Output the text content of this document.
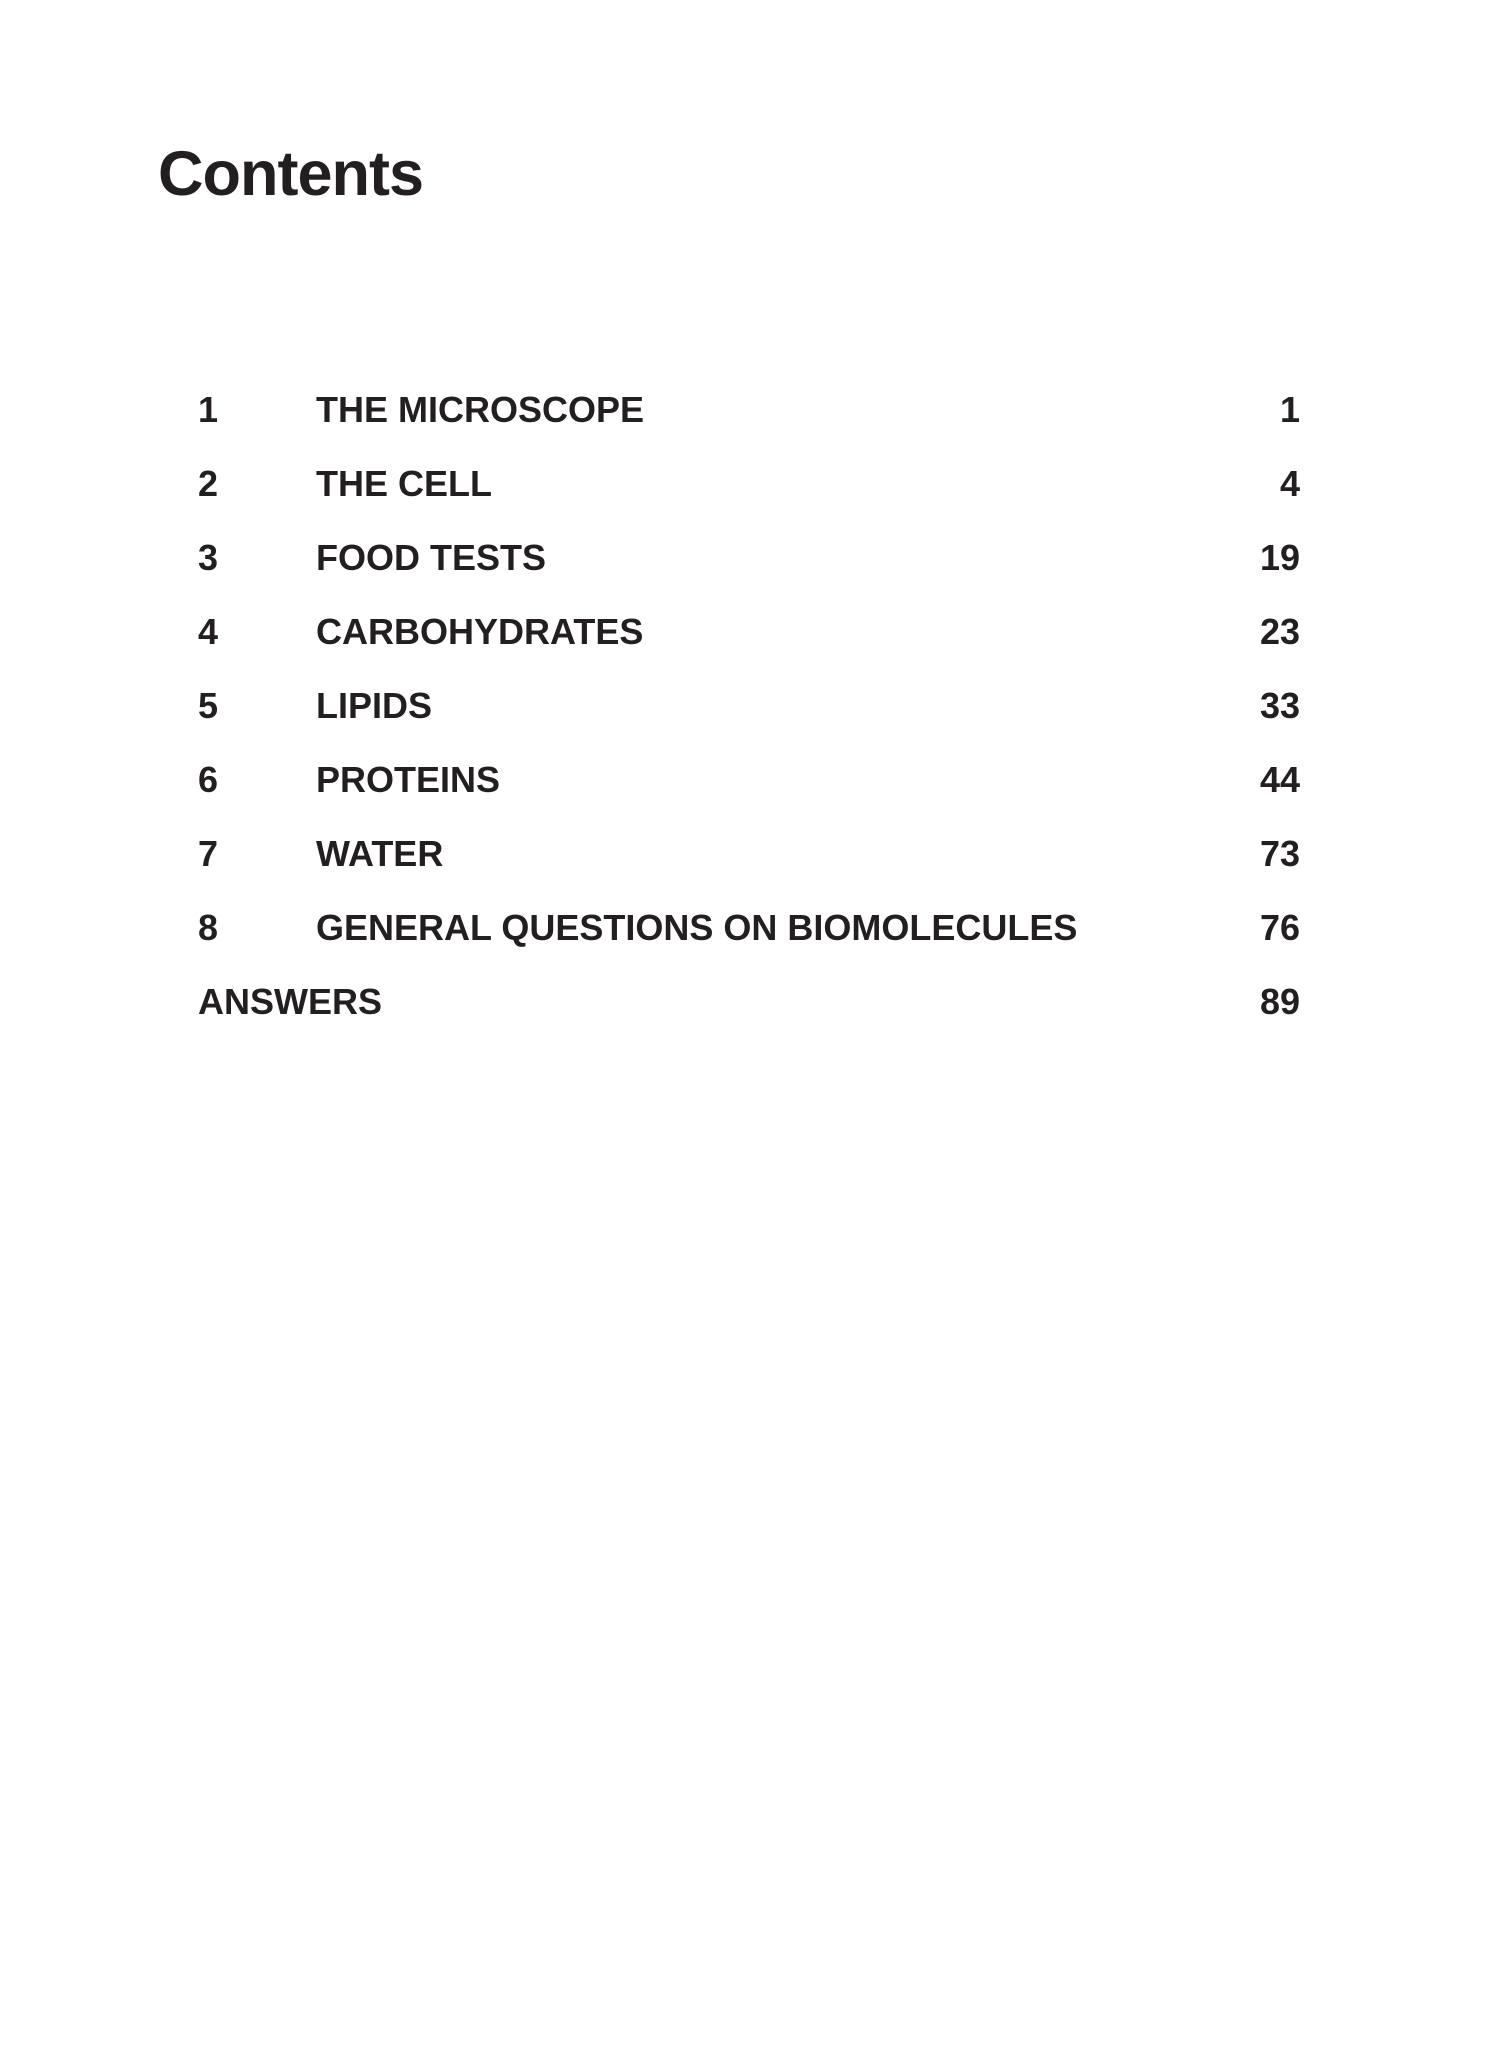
Contents
1	THE MICROSCOPE	1
2	THE CELL	4
3	FOOD TESTS	19
4	CARBOHYDRATES	23
5	LIPIDS	33
6	PROTEINS	44
7	WATER	73
8	GENERAL QUESTIONS ON BIOMOLECULES	76
ANSWERS	89
